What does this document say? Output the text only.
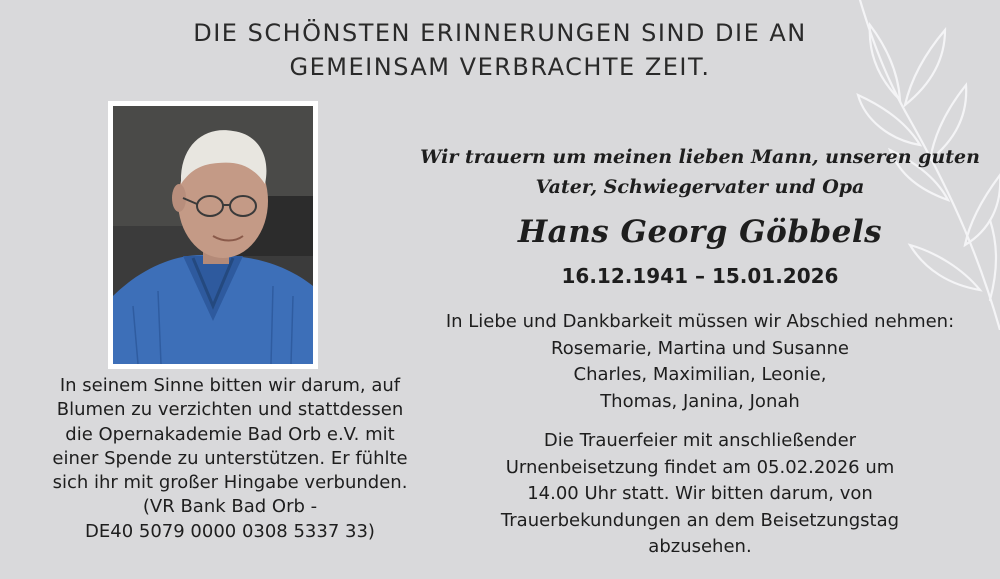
DIE SCHÖNSTEN ERINNERUNGEN SIND DIE AN
GEMEINSAM VERBRACHTE ZEIT.
In seinem Sinne bitten wir darum, auf
Blumen zu verzichten und stattdessen
die Opernakademie Bad Orb e.V. mit
einer Spende zu unterstützen. Er fühlte
sich ihr mit großer Hingabe verbunden.
(VR Bank Bad Orb -
DE40 5079 0000 0308 5337 33)
Wir trauern um meinen lieben Mann, unseren guten
Vater, Schwiegervater und Opa
Hans Georg Göbbels
16.12.1941 – 15.01.2026
In Liebe und Dankbarkeit müssen wir Abschied nehmen:
Rosemarie, Martina und Susanne
Charles, Maximilian, Leonie,
Thomas, Janina, Jonah
Die Trauerfeier mit anschließender
Urnenbeisetzung findet am 05.02.2026 um
14.00 Uhr statt. Wir bitten darum, von
Trauerbekundungen an dem Beisetzungstag
abzusehen.
